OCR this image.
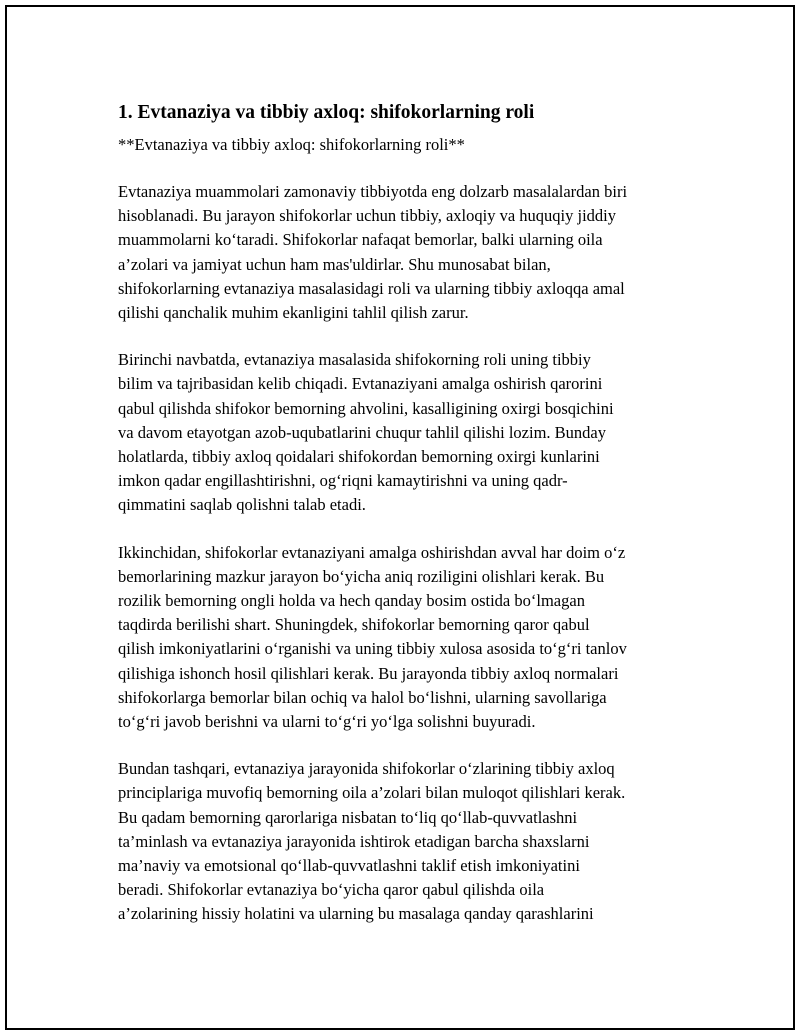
1. Evtanaziya va tibbiy axloq: shifokorlarning roli
**Evtanaziya va tibbiy axloq: shifokorlarning roli**
Evtanaziya muammolari zamonaviy tibbiyotda eng dolzarb masalalardan biri
hisoblanadi. Bu jarayon shifokorlar uchun tibbiy, axloqiy va huquqiy jiddiy
muammolarni ko‘taradi. Shifokorlar nafaqat bemorlar, balki ularning oila
a’zolari va jamiyat uchun ham mas'uldirlar. Shu munosabat bilan,
shifokorlarning evtanaziya masalasidagi roli va ularning tibbiy axloqqa amal
qilishi qanchalik muhim ekanligini tahlil qilish zarur.
Birinchi navbatda, evtanaziya masalasida shifokorning roli uning tibbiy
bilim va tajribasidan kelib chiqadi. Evtanaziyani amalga oshirish qarorini
qabul qilishda shifokor bemorning ahvolini, kasalligining oxirgi bosqichini
va davom etayotgan azob-uqubatlarini chuqur tahlil qilishi lozim. Bunday
holatlarda, tibbiy axloq qoidalari shifokordan bemorning oxirgi kunlarini
imkon qadar engillashtirishni, og‘riqni kamaytirishni va uning qadr-
qimmatini saqlab qolishni talab etadi.
Ikkinchidan, shifokorlar evtanaziyani amalga oshirishdan avval har doim o‘z
bemorlarining mazkur jarayon bo‘yicha aniq roziligini olishlari kerak. Bu
rozilik bemorning ongli holda va hech qanday bosim ostida bo‘lmagan
taqdirda berilishi shart. Shuningdek, shifokorlar bemorning qaror qabul
qilish imkoniyatlarini o‘rganishi va uning tibbiy xulosa asosida to‘g‘ri tanlov
qilishiga ishonch hosil qilishlari kerak. Bu jarayonda tibbiy axloq normalari
shifokorlarga bemorlar bilan ochiq va halol bo‘lishni, ularning savollariga
to‘g‘ri javob berishni va ularni to‘g‘ri yo‘lga solishni buyuradi.
Bundan tashqari, evtanaziya jarayonida shifokorlar o‘zlarining tibbiy axloq
principlariga muvofiq bemorning oila a’zolari bilan muloqot qilishlari kerak.
Bu qadam bemorning qarorlariga nisbatan to‘liq qo‘llab-quvvatlashni
ta’minlash va evtanaziya jarayonida ishtirok etadigan barcha shaxslarni
ma’naviy va emotsional qo‘llab-quvvatlashni taklif etish imkoniyatini
beradi. Shifokorlar evtanaziya bo‘yicha qaror qabul qilishda oila
a’zolarining hissiy holatini va ularning bu masalaga qanday qarashlarini
